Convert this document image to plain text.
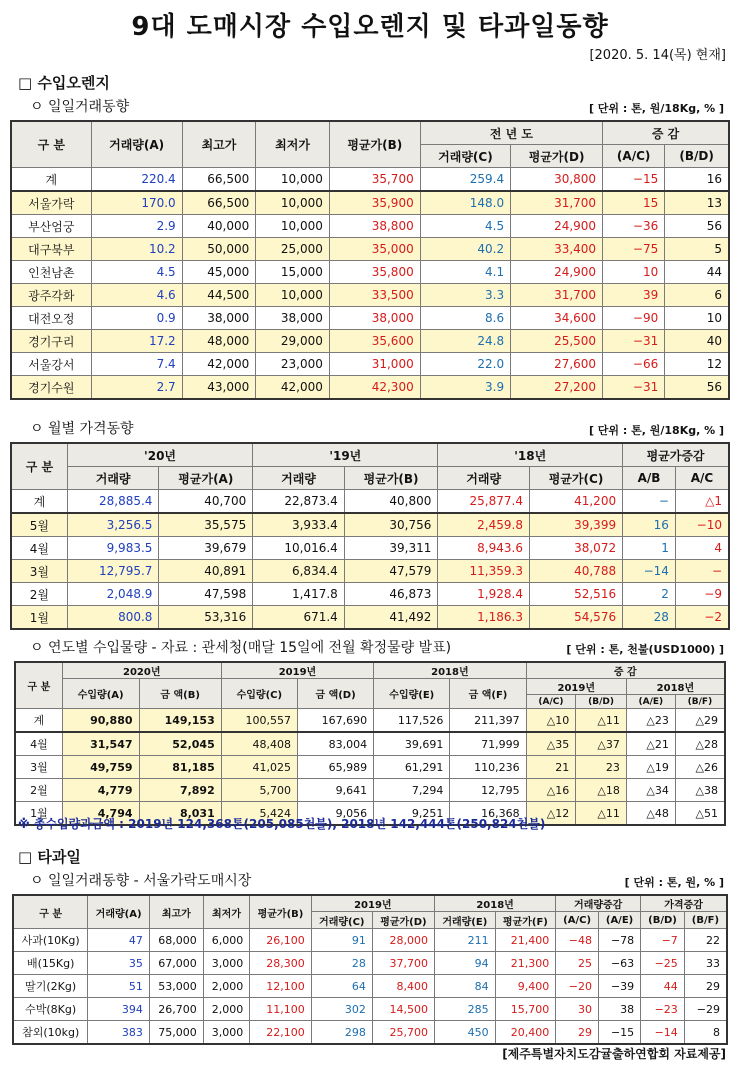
9대 도매시장 수입오렌지 및 타과일동향
[2020. 5. 14(목) 현재]
□ 수입오렌지
ㅇ 일일거래동향	[ 단위 : 톤, 원/18Kg, % ]
구 분	거래량(A)	최고가	최저가	평균가(B)	전 년 도		증 감	
					거래량(C)	평균가(D)	(A/C)	(B/D)
계	220.4	66,500	10,000	35,700	259.4	30,800	−15	16
서울가락	170.0	66,500	10,000	35,900	148.0	31,700	15	13
부산엄궁	2.9	40,000	10,000	38,800	4.5	24,900	−36	56
대구북부	10.2	50,000	25,000	35,000	40.2	33,400	−75	5
인천남촌	4.5	45,000	15,000	35,800	4.1	24,900	10	44
광주각화	4.6	44,500	10,000	33,500	3.3	31,700	39	6
대전오정	0.9	38,000	38,000	38,000	8.6	34,600	−90	10
경기구리	17.2	48,000	29,000	35,600	24.8	25,500	−31	40
서울강서	7.4	42,000	23,000	31,000	22.0	27,600	−66	12
경기수원	2.7	43,000	42,000	42,300	3.9	27,200	−31	56
ㅇ 월별 가격동향	[ 단위 : 톤, 원/18Kg, % ]
구 분	'20년		'19년		'18년		평균가증감	
	거래량	평균가(A)	거래량	평균가(B)	거래량	평균가(C)	A/B	A/C
계	28,885.4	40,700	22,873.4	40,800	25,877.4	41,200	−	△1
5월	3,256.5	35,575	3,933.4	30,756	2,459.8	39,399	16	−10
4월	9,983.5	39,679	10,016.4	39,311	8,943.6	38,072	1	4
3월	12,795.7	40,891	6,834.4	47,579	11,359.3	40,788	−14	−
2월	2,048.9	47,598	1,417.8	46,873	1,928.4	52,516	2	−9
1월	800.8	53,316	671.4	41,492	1,186.3	54,576	28	−2
ㅇ 연도별 수입물량 - 자료 : 관세청(매달 15일에 전월 확정물량 발표)	[ 단위 : 톤, 천불(USD1000) ]
구 분	2020년		2019년		2018년		증 감			
	수입량(A)	금 액(B)	수입량(C)	금 액(D)	수입량(E)	금 액(F)	2019년		2018년	
							(A/C)	(B/D)	(A/E)	(B/F)
계	90,880	149,153	100,557	167,690	117,526	211,397	△10	△11	△23	△29
4월	31,547	52,045	48,408	83,004	39,691	71,999	△35	△37	△21	△28
3월	49,759	81,185	41,025	65,989	61,291	110,236	21	23	△19	△26
2월	4,779	7,892	5,700	9,641	7,294	12,795	△16	△18	△34	△38
1월	4,794	8,031	5,424	9,056	9,251	16,368	△12	△11	△48	△51
※ 총수입량과금액 : 2019년 124,368톤(205,085천불), 2018년 142,444톤(250,824천불)
□ 타과일
ㅇ 일일거래동향 - 서울가락도매시장	[ 단위 : 톤, 원, % ]
구 분	거래량(A)	최고가	최저가	평균가(B)	2019년		2018년		거래량증감		가격증감	
					거래량(C)	평균가(D)	거래량(E)	평균가(F)	(A/C)	(A/E)	(B/D)	(B/F)
사과(10Kg)	47	68,000	6,000	26,100	91	28,000	211	21,400	−48	−78	−7	22
배(15Kg)	35	67,000	3,000	28,300	28	37,700	94	21,300	25	−63	−25	33
딸기(2Kg)	51	53,000	2,000	12,100	64	8,400	84	9,400	−20	−39	44	29
수박(8Kg)	394	26,700	2,000	11,100	302	14,500	285	15,700	30	38	−23	−29
참외(10kg)	383	75,000	3,000	22,100	298	25,700	450	20,400	29	−15	−14	8
[제주특별자치도감귤출하연합회 자료제공]
